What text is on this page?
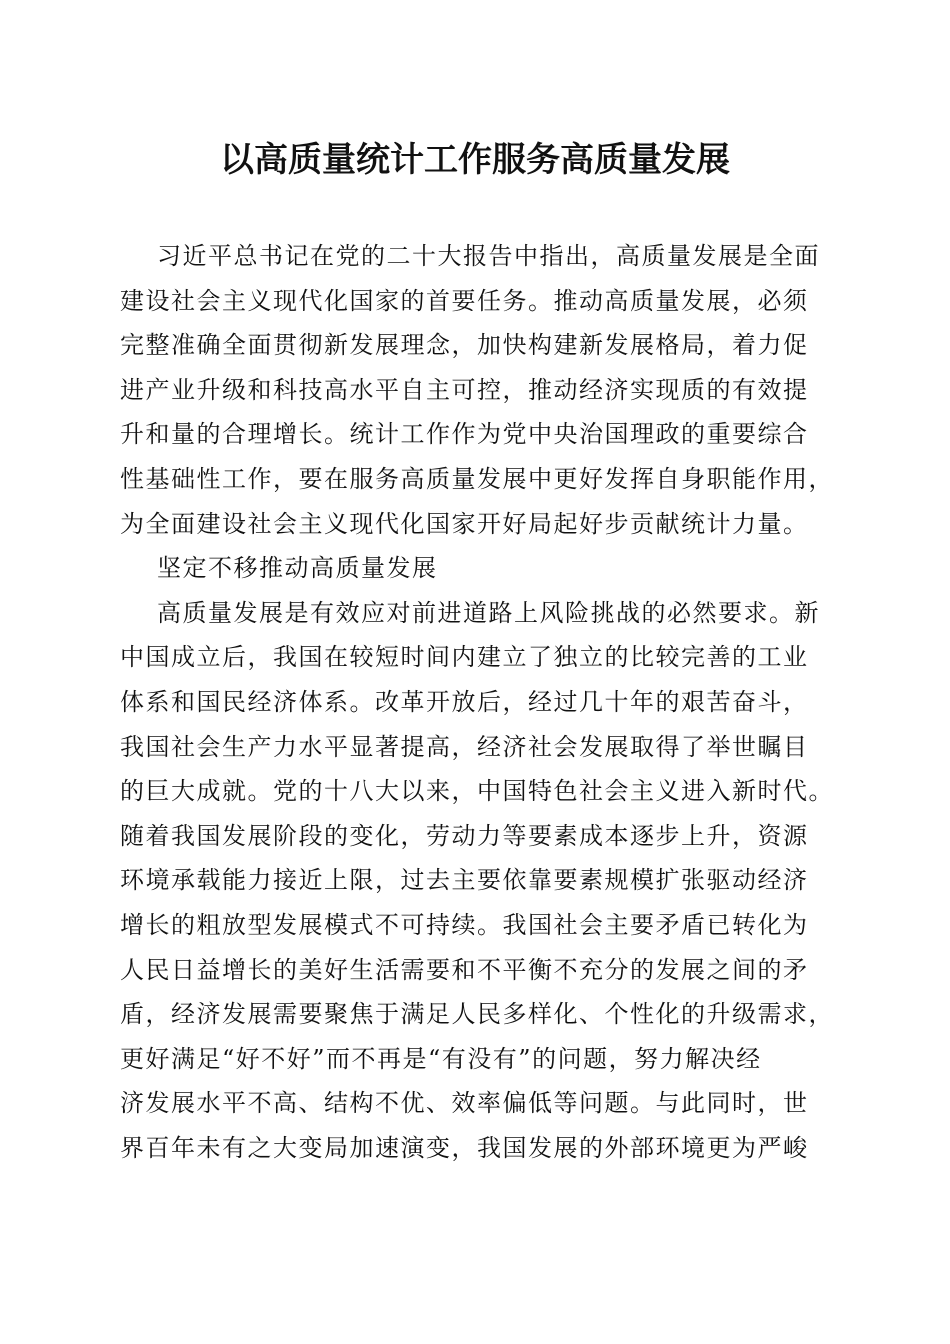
以高质量统计工作服务高质量发展
习近平总书记在党的二十大报告中指出，高质量发展是全面
建设社会主义现代化国家的首要任务。推动高质量发展，必须
完整准确全面贯彻新发展理念，加快构建新发展格局，着力促
进产业升级和科技高水平自主可控，推动经济实现质的有效提
升和量的合理增长。统计工作作为党中央治国理政的重要综合
性基础性工作，要在服务高质量发展中更好发挥自身职能作用，
为全面建设社会主义现代化国家开好局起好步贡献统计力量。
坚定不移推动高质量发展
高质量发展是有效应对前进道路上风险挑战的必然要求。新
中国成立后，我国在较短时间内建立了独立的比较完善的工业
体系和国民经济体系。改革开放后，经过几十年的艰苦奋斗，
我国社会生产力水平显著提高，经济社会发展取得了举世瞩目
的巨大成就。党的十八大以来，中国特色社会主义进入新时代。
随着我国发展阶段的变化，劳动力等要素成本逐步上升，资源
环境承载能力接近上限，过去主要依靠要素规模扩张驱动经济
增长的粗放型发展模式不可持续。我国社会主要矛盾已转化为
人民日益增长的美好生活需要和不平衡不充分的发展之间的矛
盾，经济发展需要聚焦于满足人民多样化、个性化的升级需求，
更好满足“好不好”而不再是“有没有”的问题，努力解决经
济发展水平不高、结构不优、效率偏低等问题。与此同时，世
界百年未有之大变局加速演变，我国发展的外部环境更为严峻
